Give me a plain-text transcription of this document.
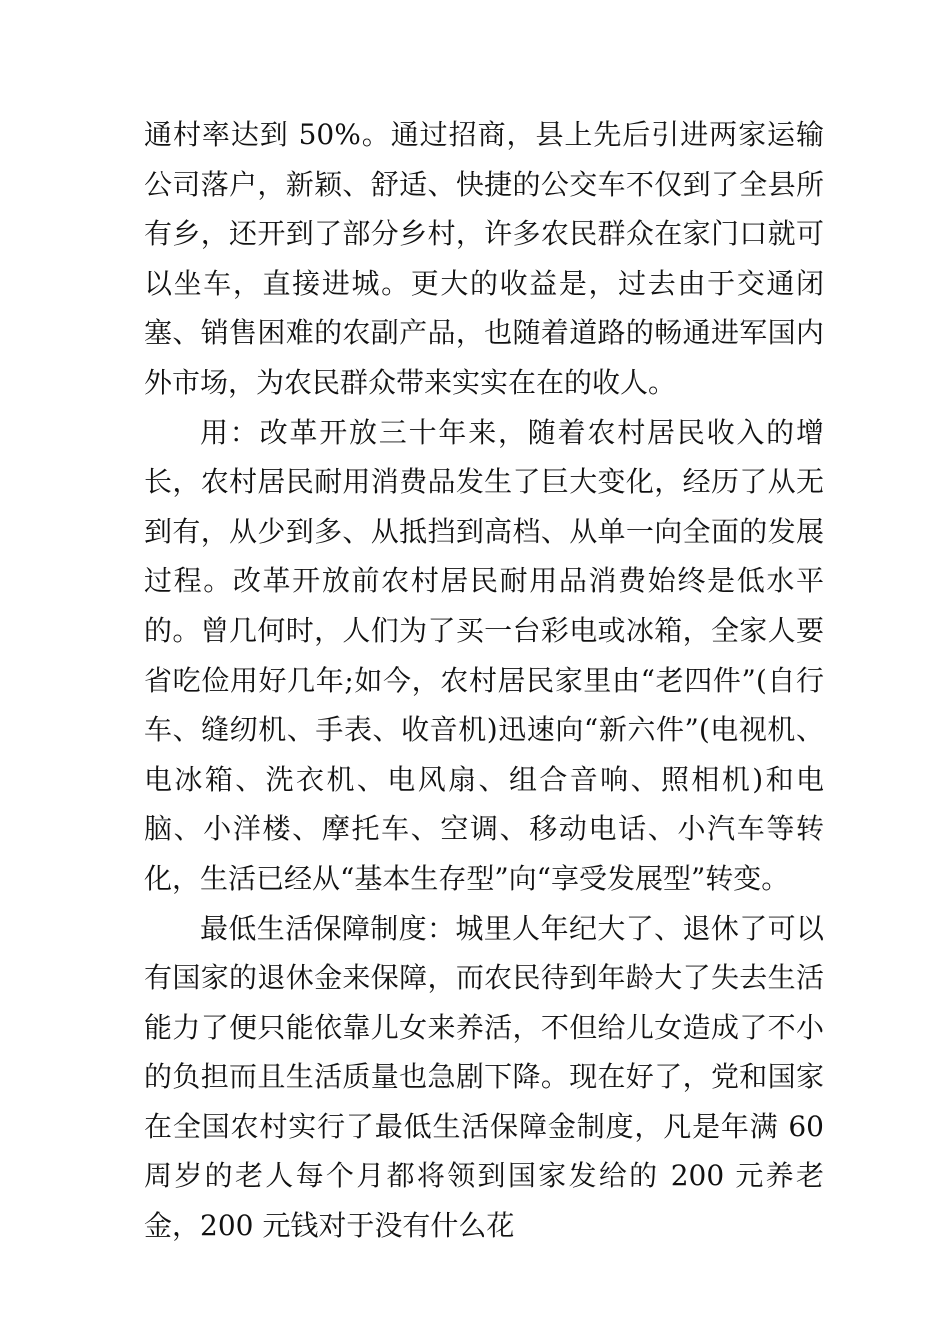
通村率达到 50%。通过招商，县上先后引进两家运输公司落户，新颖、舒适、快捷的公交车不仅到了全县所有乡，还开到了部分乡村，许多农民群众在家门口就可以坐车，直接进城。更大的收益是，过去由于交通闭塞、销售困难的农副产品，也随着道路的畅通进军国内外市场，为农民群众带来实实在在的收人。

用：改革开放三十年来，随着农村居民收入的增长，农村居民耐用消费品发生了巨大变化，经历了从无到有，从少到多、从抵挡到高档、从单一向全面的发展过程。改革开放前农村居民耐用品消费始终是低水平的。曾几何时，人们为了买一台彩电或冰箱，全家人要省吃俭用好几年;如今，农村居民家里由“老四件”(自行车、缝纫机、手表、收音机)迅速向“新六件”(电视机、电冰箱、洗衣机、电风扇、组合音响、照相机)和电脑、小洋楼、摩托车、空调、移动电话、小汽车等转化，生活已经从“基本生存型”向“享受发展型”转变。

最低生活保障制度：城里人年纪大了、退休了可以有国家的退休金来保障，而农民待到年龄大了失去生活能力了便只能依靠儿女来养活，不但给儿女造成了不小的负担而且生活质量也急剧下降。现在好了，党和国家在全国农村实行了最低生活保障金制度，凡是年满 60 周岁的老人每个月都将领到国家发给的 200 元养老金，200 元钱对于没有什么花
